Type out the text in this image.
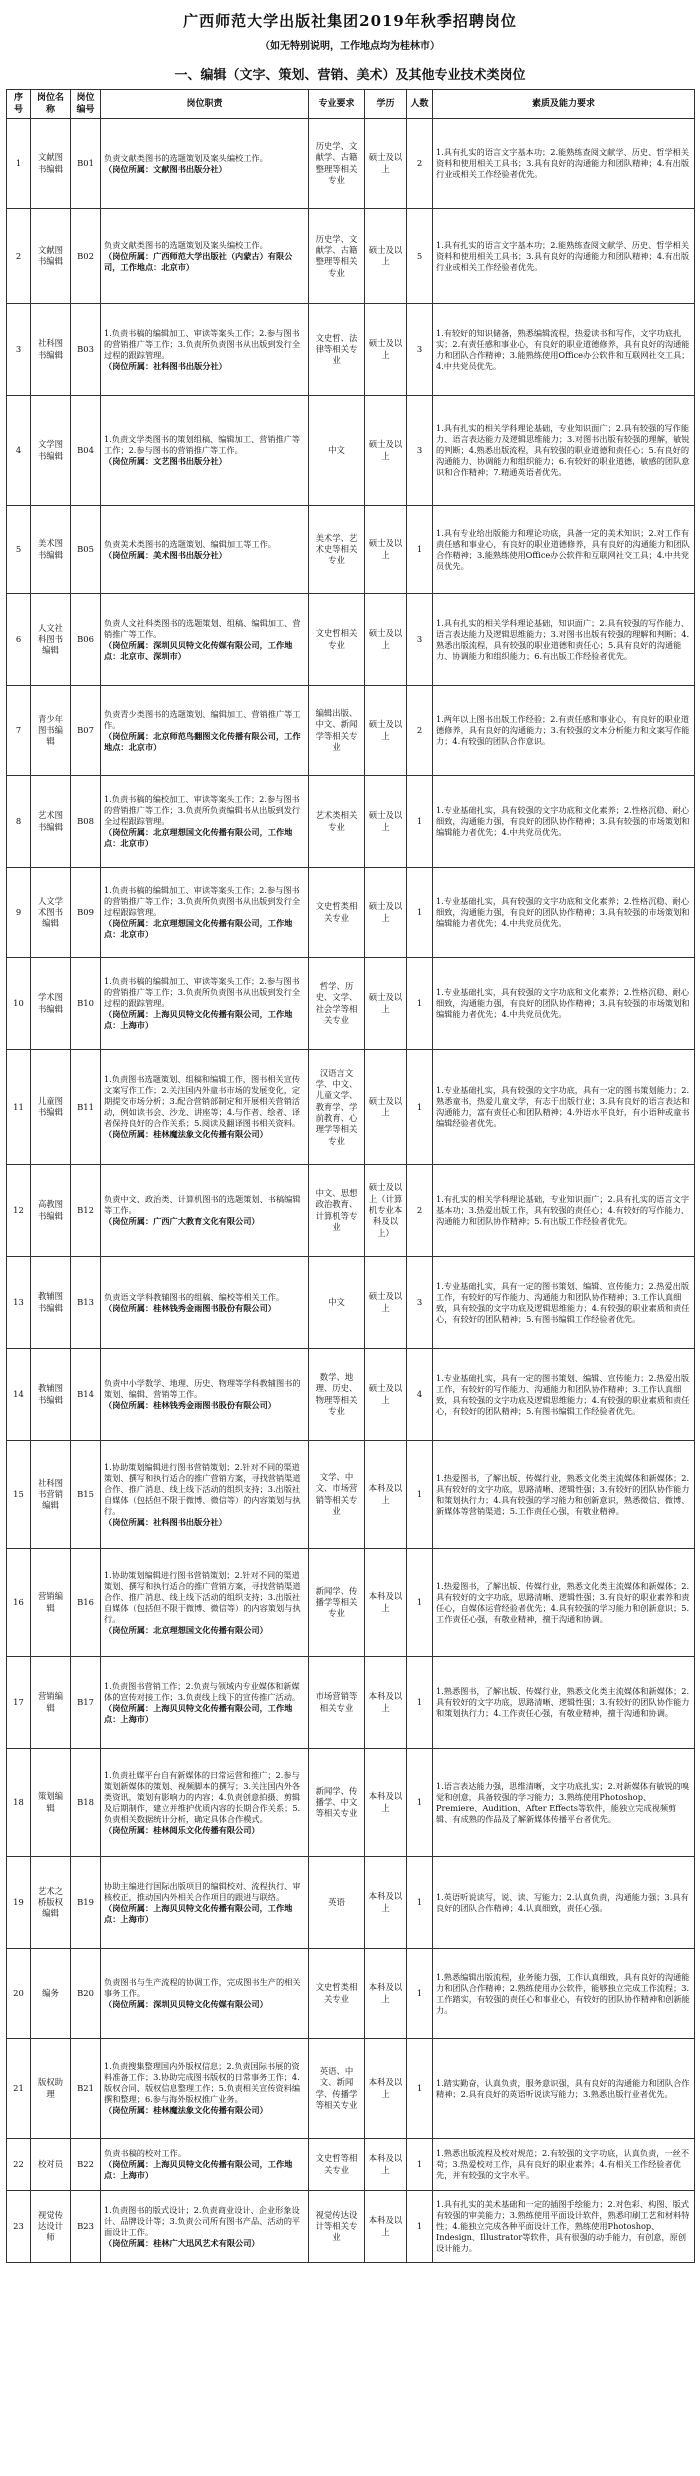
广西师范大学出版社集团2019年秋季招聘岗位
（如无特别说明，工作地点均为桂林市）
一、编辑（文字、策划、营销、美术）及其他专业技术类岗位
序号	岗位名称	岗位编号	岗位职责	专业要求	学历	人数	素质及能力要求
1	文献图书编辑	B01	负责文献类图书的选题策划及案头编校工作。
（岗位所属：文献图书出版分社）	历史学、文献学、古籍整理等相关专业	硕士及以上	2	1.具有扎实的语言文字基本功；2.能熟练查阅文献学、历史、哲学相关资料和使用相关工具书；3.具有良好的沟通能力和团队精神；4.有出版行业或相关工作经验者优先。
2	文献图书编辑	B02	负责文献类图书的选题策划及案头编校工作。
（岗位所属：广西师范大学出版社（内蒙古）有限公司，工作地点：北京市）	历史学、文献学、古籍整理等相关专业	硕士及以上	5	1.具有扎实的语言文字基本功；2.能熟练查阅文献学、历史、哲学相关资料和使用相关工具书；3.具有良好的沟通能力和团队精神；4.有出版行业或相关工作经验者优先。
3	社科图书编辑	B03	1.负责书稿的编辑加工、审读等案头工作；2.参与图书的营销推广等工作；3.负责所负责图书从出版到发行全过程的跟踪管理。
（岗位所属：社科图书出版分社）	文史哲、法律等相关专业	硕士及以上	3	1.有较好的知识储备，熟悉编辑流程，热爱读书和写作，文字功底扎实；2.有责任感和事业心，有良好的职业道德修养，具有良好的沟通能力和团队合作精神；3.能熟练使用Office办公软件和互联网社交工具；4.中共党员优先。
4	文学图书编辑	B04	1.负责文学类图书的策划组稿、编辑加工、营销推广等工作；2.参与图书的营销推广等工作。
（岗位所属：文艺图书出版分社）	中文	硕士及以上	3	1.具有扎实的相关学科理论基础，专业知识面广；2.具有较强的写作能力、语言表达能力及逻辑思维能力；3.对图书出版有较强的理解，敏锐的判断；4.熟悉出版流程，具有较强的职业道德和责任心；5.有良好的沟通能力、协调能力和组织能力；6.有较好的职业道德，敏感的团队意识和合作精神；7.精通英语者优先。
5	美术图书编辑	B05	负责美术类图书的选题策划、编辑加工等工作。
（岗位所属：美术图书出版分社）	美术学、艺术史等相关专业	硕士及以上	1	1.具有专业给出版能力和理论功底，具备一定的美术知识；2.对工作有责任感和事业心，有良好的职业道德修养，具有良好的沟通能力和团队合作精神；3.能熟练使用Office办公软件和互联网社交工具；4.中共党员优先。
6	人文社科图书编辑	B06	负责人文社科类图书的选题策划、组稿、编辑加工、营销推广等工作。
（岗位所属：深圳贝贝特文化传媒有限公司，工作地点：北京市、深圳市）	文史哲相关专业	硕士及以上	3	1.具有扎实的相关学科理论基础，知识面广；2.具有较强的写作能力、语言表达能力及逻辑思维能力；3.对图书出版有较强的理解和判断；4.熟悉出版流程，具有较强的职业道德和责任心；5.具有良好的沟通能力、协调能力和组织能力；6.有出版工作经验者优先。
7	青少年图书编辑	B07	负责青少类图书的选题策划、编辑加工、营销推广等工作。
（岗位所属：北京师范鸟翻图文化传播有限公司，工作地点：北京市）	编辑出版、中文、新闻学等相关专业	硕士及以上	2	1.两年以上图书出版工作经验；2.有责任感和事业心，有良好的职业道德修养，具有良好的沟通能力；3.有较强的文本分析能力和文案写作能力；4.有较强的团队合作意识。
8	艺术图书编辑	B08	1.负责书稿的编校加工、审读等案头工作；2.参与图书的营销推广等工作；3.负责所负责编辑书从出版到发行全过程跟踪管理。
（岗位所属：北京理想国文化传播有限公司，工作地点：北京市）	艺术类相关专业	硕士及以上	1	1.专业基础扎实，具有较强的文字功底和文化素养；2.性格沉稳、耐心细致，沟通能力强，有良好的团队协作精神；3.具有较强的市场策划和编辑能力者优先；4.中共党员优先。
9	人文学术图书编辑	B09	1.负责书稿的编辑加工、审读等案头工作；2.参与图书的营销推广等工作；3.负责所负责图书从出版到发行全过程跟踪管理。
（岗位所属：北京理想国文化传播有限公司，工作地点：北京市）	文史哲类相关专业	硕士及以上	1	1.专业基础扎实，具有较强的文字功底和文化素养；2.性格沉稳、耐心细致，沟通能力强，有良好的团队协作精神；3.具有较强的市场策划和编辑能力者优先；4.中共党员优先。
10	学术图书编辑	B10	1.负责书稿的编辑加工、审读等案头工作；2.参与图书的营销推广等工作；3.负责所负责图书从出版到发行全过程的跟踪管理。
（岗位所属：上海贝贝特文化传播有限公司，工作地点：上海市）	哲学、历史、文学、社会学等相关专业	硕士及以上	1	1.专业基础扎实，具有较强的文字功底和文化素养；2.性格沉稳、耐心细致，沟通能力强，有良好的团队协作精神；3.具有较强的市场策划和编辑能力者优先；4.中共党员优先。
11	儿童图书编辑	B11	1.负责图书选题策划、组稿和编辑工作，图书相关宣传文案写作工作；2.关注国内外童书市场的发展变化，定期提交市场分析；3.配合营销部制定和开展相关营销活动，例如读书会、沙龙、讲座等；4.与作者、绘者、译者保持良好的合作关系；5.阅读及翻译图书相关资料。
（岗位所属：桂林魔法象文化传播有限公司）	汉语言文学、中文、儿童文学、教育学、学前教育、心理学等相关专业	硕士及以上	1	1.专业基础扎实，具有较强的文字功底，具有一定的图书策划能力；2.熟悉童书，热爱儿童文学，有志于出版行业；3.具有良好的语言表达和沟通能力，富有责任心和团队精神；4.外语水平良好，有小语种或童书编辑经验者优先。
12	高教图书编辑	B12	负责中文、政治类、计算机图书的选题策划、书稿编辑等工作。
（岗位所属：广西广大教育文化有限公司）	中文、思想政治教育、计算机等专业	硕士及以上（计算机专业本科及以上）	2	1.有扎实的相关学科理论基础，专业知识面广；2.具有扎实的语言文字基本功；3.热爱出版工作，具有较强的责任心；4.有较好的写作能力、沟通能力和团队协作精神；5.有出版工作经验者优先。
13	教辅图书编辑	B13	负责语文学科教辅图书的组稿、编校等相关工作。
（岗位所属：桂林钱秀金雨图书股份有限公司）	中文	硕士及以上	3	1.专业基础扎实，具有一定的图书策划、编辑、宣传能力；2.热爱出版工作，有较好的写作能力、沟通能力和团队协作精神；3.工作认真细致，具有较强的文字功底及逻辑思维能力；4.有较强的职业素质和责任心，有较好的团队精神；5.有图书编辑工作经验者优先。
14	教辅图书编辑	B14	负责中小学数学、地理、历史、物理等学科教辅图书的策划、编辑、营销等工作。
（岗位所属：桂林钱秀金雨图书股份有限公司）	数学、地理、历史、物理等相关专业	硕士及以上	4	1.专业基础扎实，具有一定的图书策划、编辑、宣传能力；2.热爱出版工作，有较好的写作能力、沟通能力和团队协作精神；3.工作认真细致，具有较强的文字功底及逻辑思维能力；4.有较强的职业素质和责任心，有较好的团队精神；5.有图书编辑工作经验者优先。
15	社科图书营销编辑	B15	1.协助策划编辑进行图书营销策划；2.针对不同的渠道策划、撰写和执行适合的推广营销方案，寻找营销渠道合作、推广消息、线上线下活动的组织支持；3.出版社自媒体（包括但不限于微博、微信等）的内容策划与执行。
（岗位所属：社科图书出版分社）	文学、中文、市场营销等相关专业	本科及以上	1	1.热爱图书，了解出版、传媒行业，熟悉文化类主流媒体和新媒体；2.具有较好的文字功底，思路清晰、逻辑性强；3.有较好的团队协作能力和策划执行力；4.具有较强的学习能力和创新意识，熟悉微信、微博、新媒体等营销渠道；5.工作责任心强，有敬业精神。
16	营销编辑	B16	1.协助策划编辑进行图书营销策划；2.针对不同的渠道策划、撰写和执行适合的推广营销方案，寻找营销渠道合作、推广消息、线上线下活动的组织支持；3.出版社自媒体（包括但不限于微博、微信等）的内容策划与执行。
（岗位所属：北京理想国文化传播有限公司）	新闻学、传播学等相关专业	本科及以上	1	1.热爱图书，了解出版、传媒行业，熟悉文化类主流媒体和新媒体；2.具有较好的文字功底，思路清晰、逻辑性强；3.有良好的职业素养和责任心，自媒体运营经验者优先；4.具有较强的学习能力和创新意识；5.工作责任心强，有敬业精神，擅于沟通和协调。
17	营销编辑	B17	1.负责图书营销工作；2.负责与领域内专业媒体和新媒体的宣传对接工作；3.负责线上线下的宣传推广活动。
（岗位所属：上海贝贝特文化传播有限公司，工作地点：上海市）	市场营销等相关专业	本科及以上	1	1.熟悉图书，了解出版、传媒行业，熟悉文化类主流媒体和新媒体；2.具有较好的文字功底，思路清晰、逻辑性强；3.有较好的团队协作能力和策划执行力；4.工作责任心强，有敬业精神，擅于沟通和协调。
18	策划编辑	B18	1.负责社媒平台自有新媒体的日常运营和推广；2.参与策划新媒体的策划、视频脚本的撰写；3.关注国内外各类资讯，策划有影响力的内容；4.负责创意拍摄、剪辑及后期制作，建立并维护优质内容的长期合作关系；5.负责相关数据统计分析，确定具体合作模式。
（岗位所属：桂林阅乐文化传播有限公司）	新闻学、传播学、中文等相关专业	本科及以上	1	1.语言表达能力强，思维清晰，文字功底扎实；2.对新媒体有敏锐的嗅觉和创意，具备较强的学习能力；3.熟练使用Photoshop、Premiere、Audition、After Effects等软件，能独立完成视频剪辑、有成熟的作品及了解新媒体传播平台者优先。
19	艺术之桥版权编辑	B19	协助主编进行国际出版项目的编辑校对、流程执行、审核校正，推动国内外相关合作项目的跟进与联络。
（岗位所属：上海贝贝特文化传播有限公司，工作地点：上海市）	英语	本科及以上	1	1.英语听说读写，说、读、写能力；2.认真负责，沟通能力强；3.具有良好的团队合作精神；4.认真细致，责任心强。
20	编务	B20	负责图书与生产流程的协调工作，完成图书生产的相关事务工作。
（岗位所属：深圳贝贝特文化传媒有限公司）	文史哲类相关专业	本科及以上	1	1.熟悉编辑出版流程，业务能力强，工作认真细致，具有良好的沟通能力和团队合作精神；2.熟练使用办公软件，能够独立完成工作流程；3.工作踏实，有较强的责任心和事业心，有较好的团队协作精神和创新能力。
21	版权助理	B21	1.负责搜集整理国内外版权信息；2.负责国际书展的资料准备工作；3.协助完成图书版权的日常事务工作；4.版权合同、版权信息整理工作；5.负责相关宣传资料编撰和整理；6.参与海外版权推广业务。
（岗位所属：桂林魔法象文化传播有限公司）	英语、中文、新闻学、传播学等相关专业	本科及以上	1	1.踏实勤奋，认真负责，服务意识强，具有良好的沟通能力和团队合作精神；2.具有良好的英语听说读写能力；3.熟悉出版行业者优先。
22	校对员	B22	负责书稿的校对工作。
（岗位所属：上海贝贝特文化传播有限公司，工作地点：上海市）	文史哲等相关专业	本科及以上	1	1.熟悉出版流程及校对规范；2.有较强的文字功底，认真负责，一丝不苟；3.热爱校对工作，具有良好的职业素养；4.有相关工作经验者优先，并有较强的文字水平。
23	视觉传达设计师	B23	1.负责图书的版式设计；2.负责商业设计、企业形象设计、品牌设计等；3.负责公司所有图书产品、活动的平面设计工作。
（岗位所属：桂林广大迅风艺术有限公司）	视觉传达设计等相关专业	本科及以上	1	1.具有扎实的美术基础和一定的插图手绘能力；2.对色彩、构图、版式有较强的审美能力；3.熟练使用平面设计软件，熟悉印刷工艺和材料特性；4.能独立完成各种平面设计工作，熟练使用Photoshop、Indesign、Illustrator等软件，具有很强的动手能力，有创意，原创设计能力。
